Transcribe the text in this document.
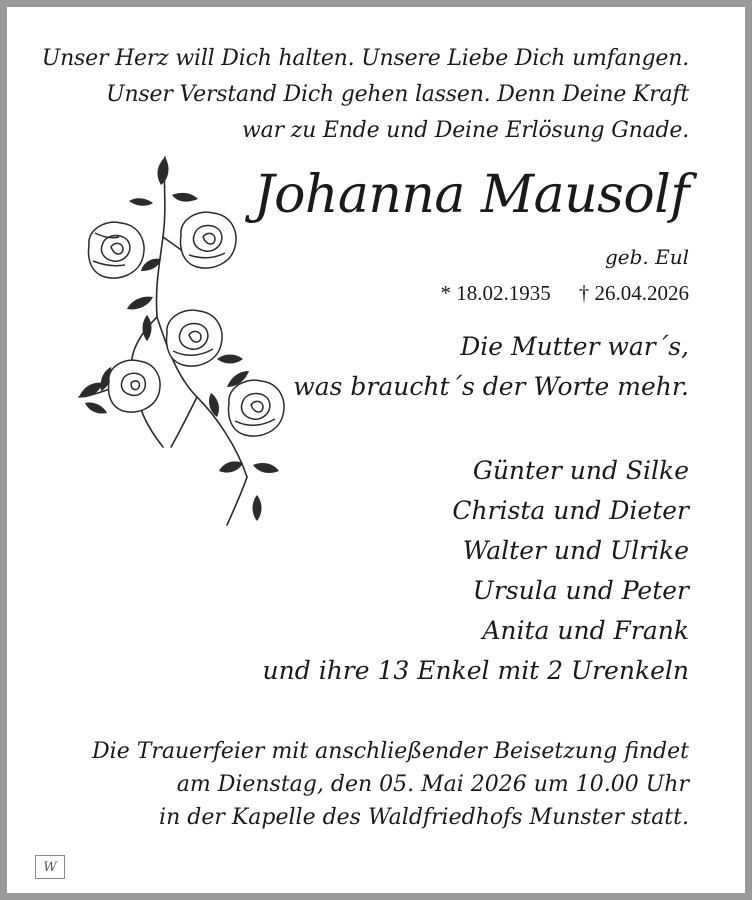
Unser Herz will Dich halten. Unsere Liebe Dich umfangen.
Unser Verstand Dich gehen lassen. Denn Deine Kraft
war zu Ende und Deine Erlösung Gnade.
Johanna Mausolf
geb. Eul
* 18.02.1935 † 26.04.2026
Die Mutter war´s,
was braucht´s der Worte mehr.
Günter und Silke
Christa und Dieter
Walter und Ulrike
Ursula und Peter
Anita und Frank
und ihre 13 Enkel mit 2 Urenkeln
Die Trauerfeier mit anschließender Beisetzung findet
am Dienstag, den 05. Mai 2026 um 10.00 Uhr
in der Kapelle des Waldfriedhofs Munster statt.
W
